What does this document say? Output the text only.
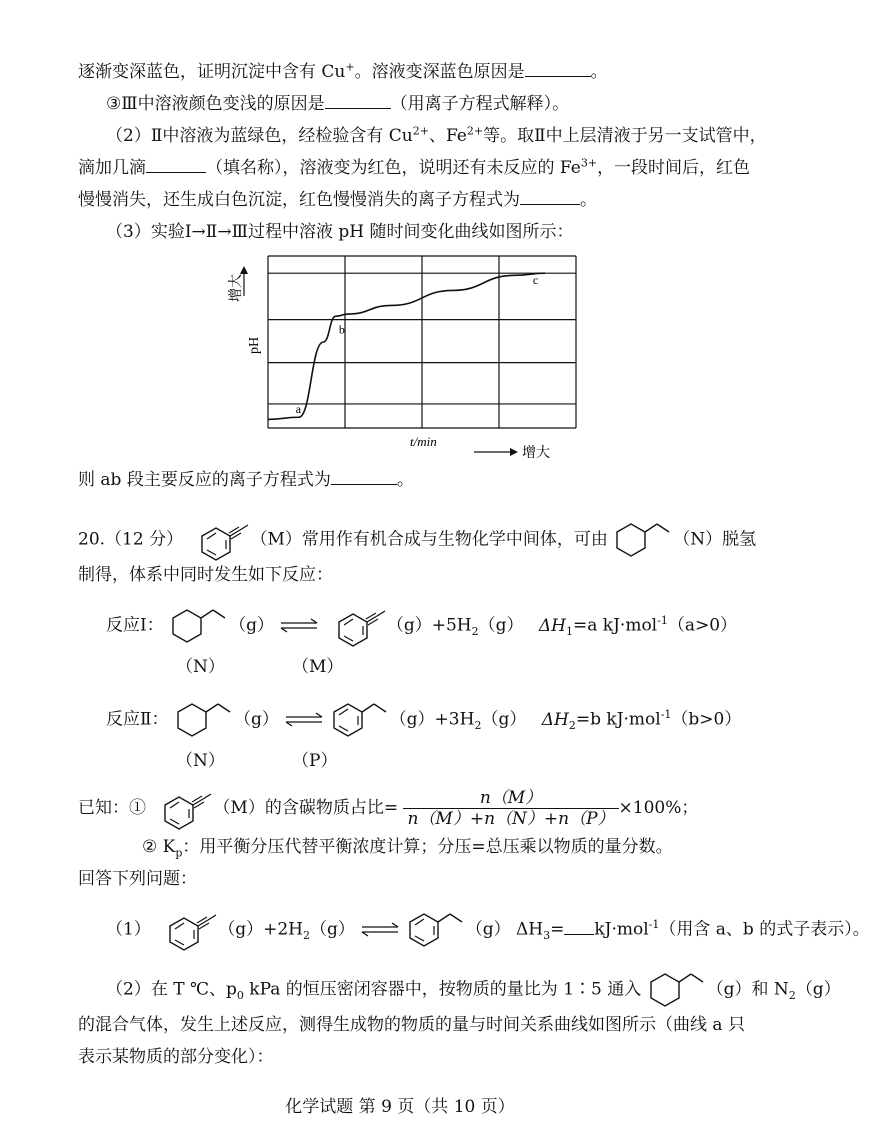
逐渐变深蓝色，证明沉淀中含有 Cu+。溶液变深蓝色原因是	。
③Ⅲ中溶液颜色变浅的原因是	（用离子方程式解释）。
（2）Ⅱ中溶液为蓝绿色，经检验含有 $Cu^{2+}$、$Fe^{2+}$等。取Ⅱ中上层清液于另一支试管中，
滴加几滴	（填名称），溶液变为红色，说明还有未反应的 $Fe^{3+}$，一段时间后，红色
慢慢消失，还生成白色沉淀，红色慢慢消失的离子方程式为	。
（3）实验Ⅰ→Ⅱ→Ⅲ过程中溶液 pH 随时间变化曲线如图所示：
a
b
c
增大
pH
t/min
增大
则 ab 段主要反应的离子方程式为	。
20.（12 分）	（M）常用作有机合成与生物化学中间体，可由	（N）脱氢
制得，体系中同时发生如下反应：
反应Ⅰ：	（g） ⇌	$(g)+5H_2(g)$ $\Delta H_1=a$ kJ·mol$^{-1}$（a>0）
（N）	（M）
反应Ⅱ：	（g） ⇌	$(g)+3H_2(g)$ $\Delta H_2=b$ kJ·mol$^{-1}$（b>0）
（N）	（P）
已知：①	（M）的含碳物质占比= $\frac{n(M)}{n(M)+n(N)+n(P)} \times 100\%$；
② $K_p$：用平衡分压代替平衡浓度计算；分压=总压乘以物质的量分数。
回答下列问题：
（1）	$(g)+2H_2(g)$ ⇌	（g） $\Delta H_3= kJ\cdot mol^{-1}$（用含 a、b 的式子表示）。
（2）在 T ℃、$p_0$ kPa 的恒压密闭容器中，按物质的量比为 1∶5 通入	（g）和 $N_2(g)$
的混合气体，发生上述反应，测得生成物的物质的量与时间关系曲线如图所示（曲线 a 只
表示某物质的部分变化）：
化学试题 第 9 页（共 10 页）
